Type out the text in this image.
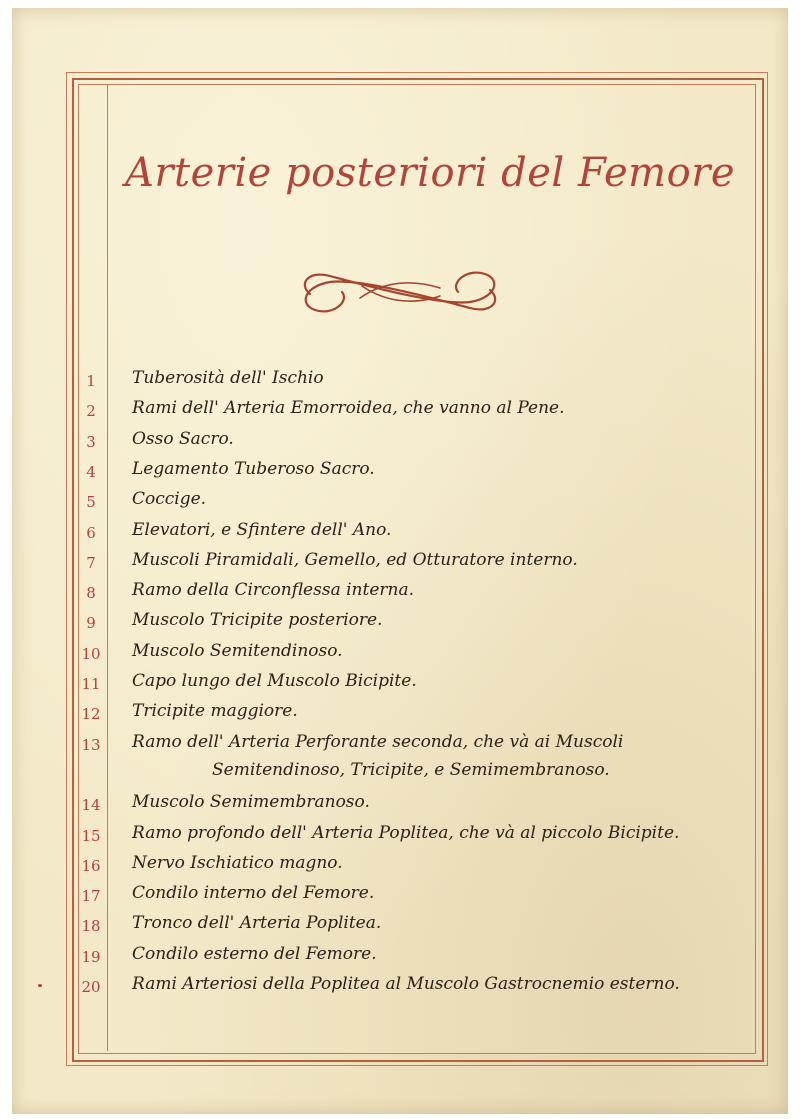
Arterie posteriori del Femore
1	Tuberosità dell' Ischio
2	Rami dell' Arteria Emorroidea, che vanno al Pene.
3	Osso Sacro.
4	Legamento Tuberoso Sacro.
5	Coccige.
6	Elevatori, e Sfintere dell' Ano.
7	Muscoli Piramidali, Gemello, ed Otturatore interno.
8	Ramo della Circonflessa interna.
9	Muscolo Tricipite posteriore.
10	Muscolo Semitendinoso.
11	Capo lungo del Muscolo Bicipite.
12	Tricipite maggiore.
13	Ramo dell' Arteria Perforante seconda, che và ai Muscoli
Semitendinoso, Tricipite, e Semimembranoso.
14	Muscolo Semimembranoso.
15	Ramo profondo dell' Arteria Poplitea, che và al piccolo Bicipite.
16	Nervo Ischiatico magno.
17	Condilo interno del Femore.
18	Tronco dell' Arteria Poplitea.
19	Condilo esterno del Femore.
20	Rami Arteriosi della Poplitea al Muscolo Gastrocnemio esterno.
